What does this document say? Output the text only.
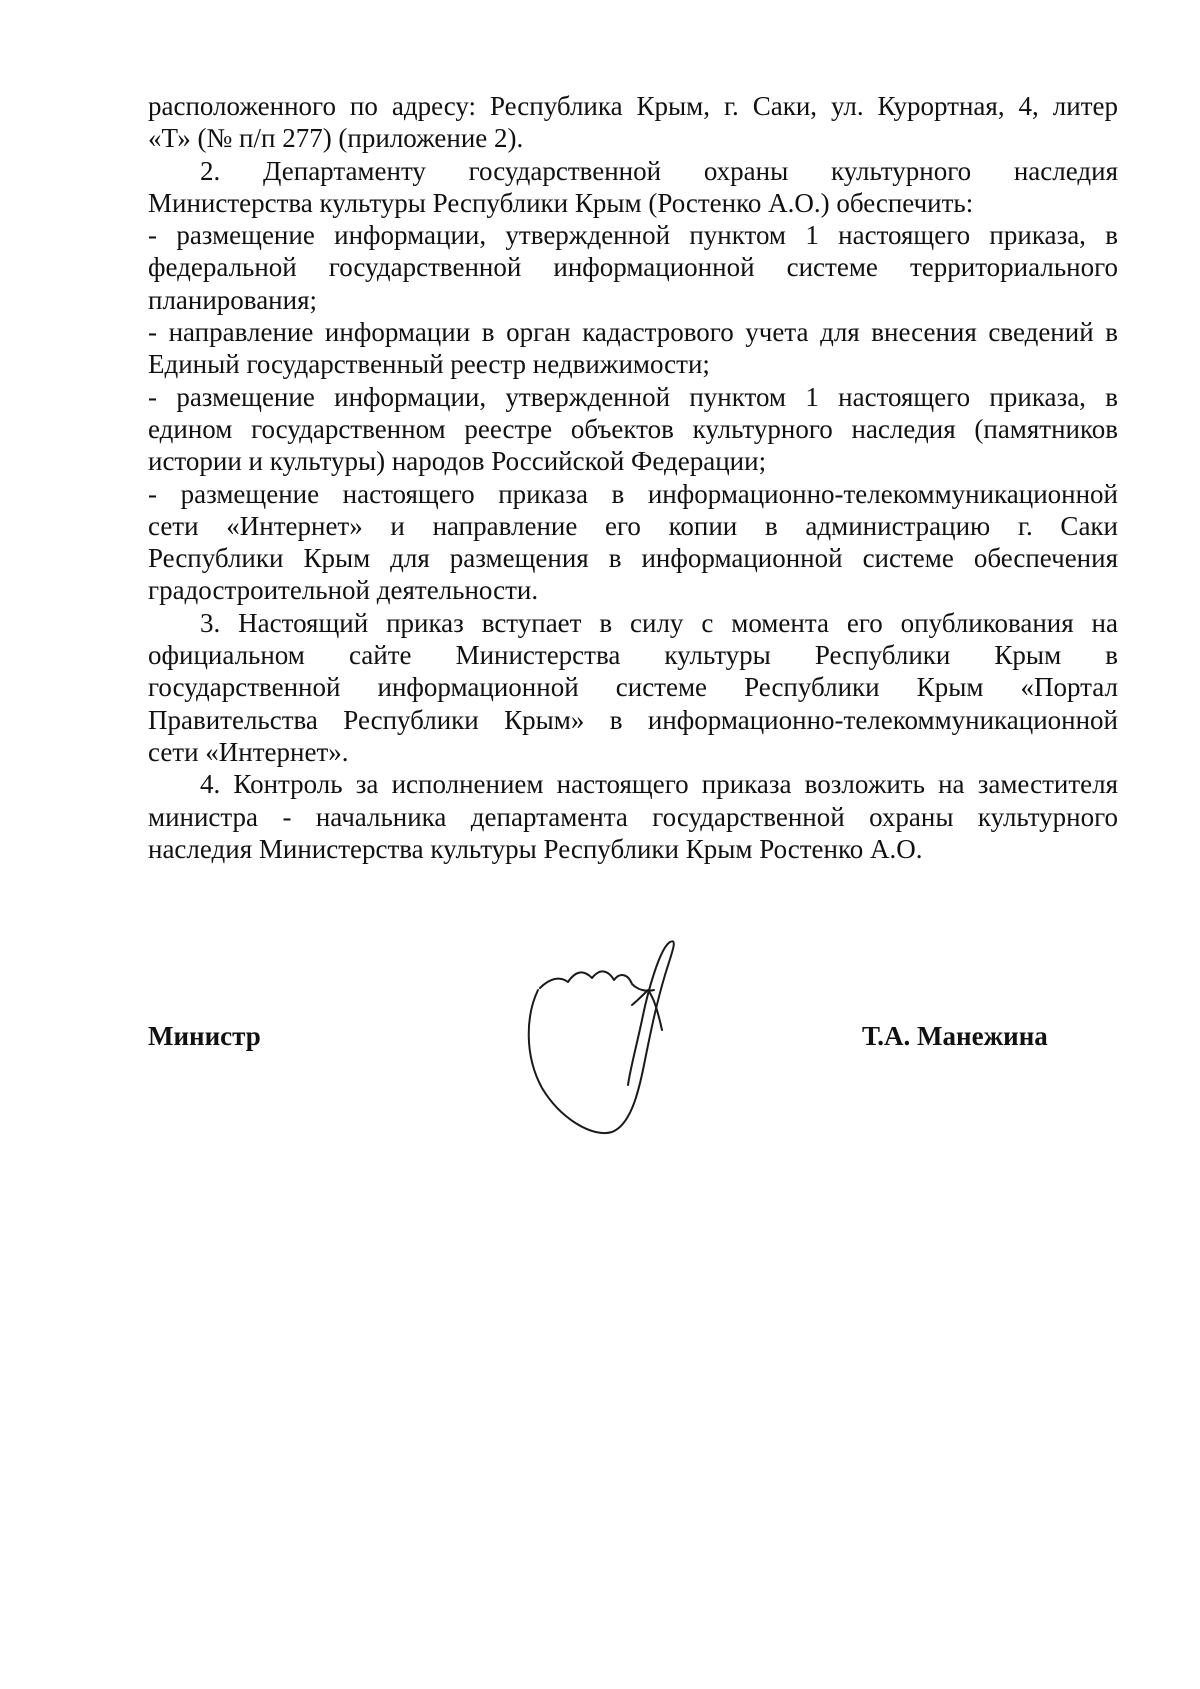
расположенного по адресу: Республика Крым, г. Саки, ул. Курортная, 4, литер
«Т» (№ п/п 277) (приложение 2).
2. Департаменту государственной охраны культурного наследия
Министерства культуры Республики Крым (Ростенко А.О.) обеспечить:
- размещение информации, утвержденной пунктом 1 настоящего приказа, в
федеральной государственной информационной системе территориального
планирования;
- направление информации в орган кадастрового учета для внесения сведений в
Единый государственный реестр недвижимости;
- размещение информации, утвержденной пунктом 1 настоящего приказа, в
едином государственном реестре объектов культурного наследия (памятников
истории и культуры) народов Российской Федерации;
- размещение настоящего приказа в информационно-телекоммуникационной
сети «Интернет» и направление его копии в администрацию г. Саки
Республики Крым для размещения в информационной системе обеспечения
градостроительной деятельности.
3. Настоящий приказ вступает в силу с момента его опубликования на
официальном сайте Министерства культуры Республики Крым в
государственной информационной системе Республики Крым «Портал
Правительства Республики Крым» в информационно-телекоммуникационной
сети «Интернет».
4. Контроль за исполнением настоящего приказа возложить на заместителя
министра - начальника департамента государственной охраны культурного
наследия Министерства культуры Республики Крым Ростенко А.О.
Министр	Т.А. Манежина
